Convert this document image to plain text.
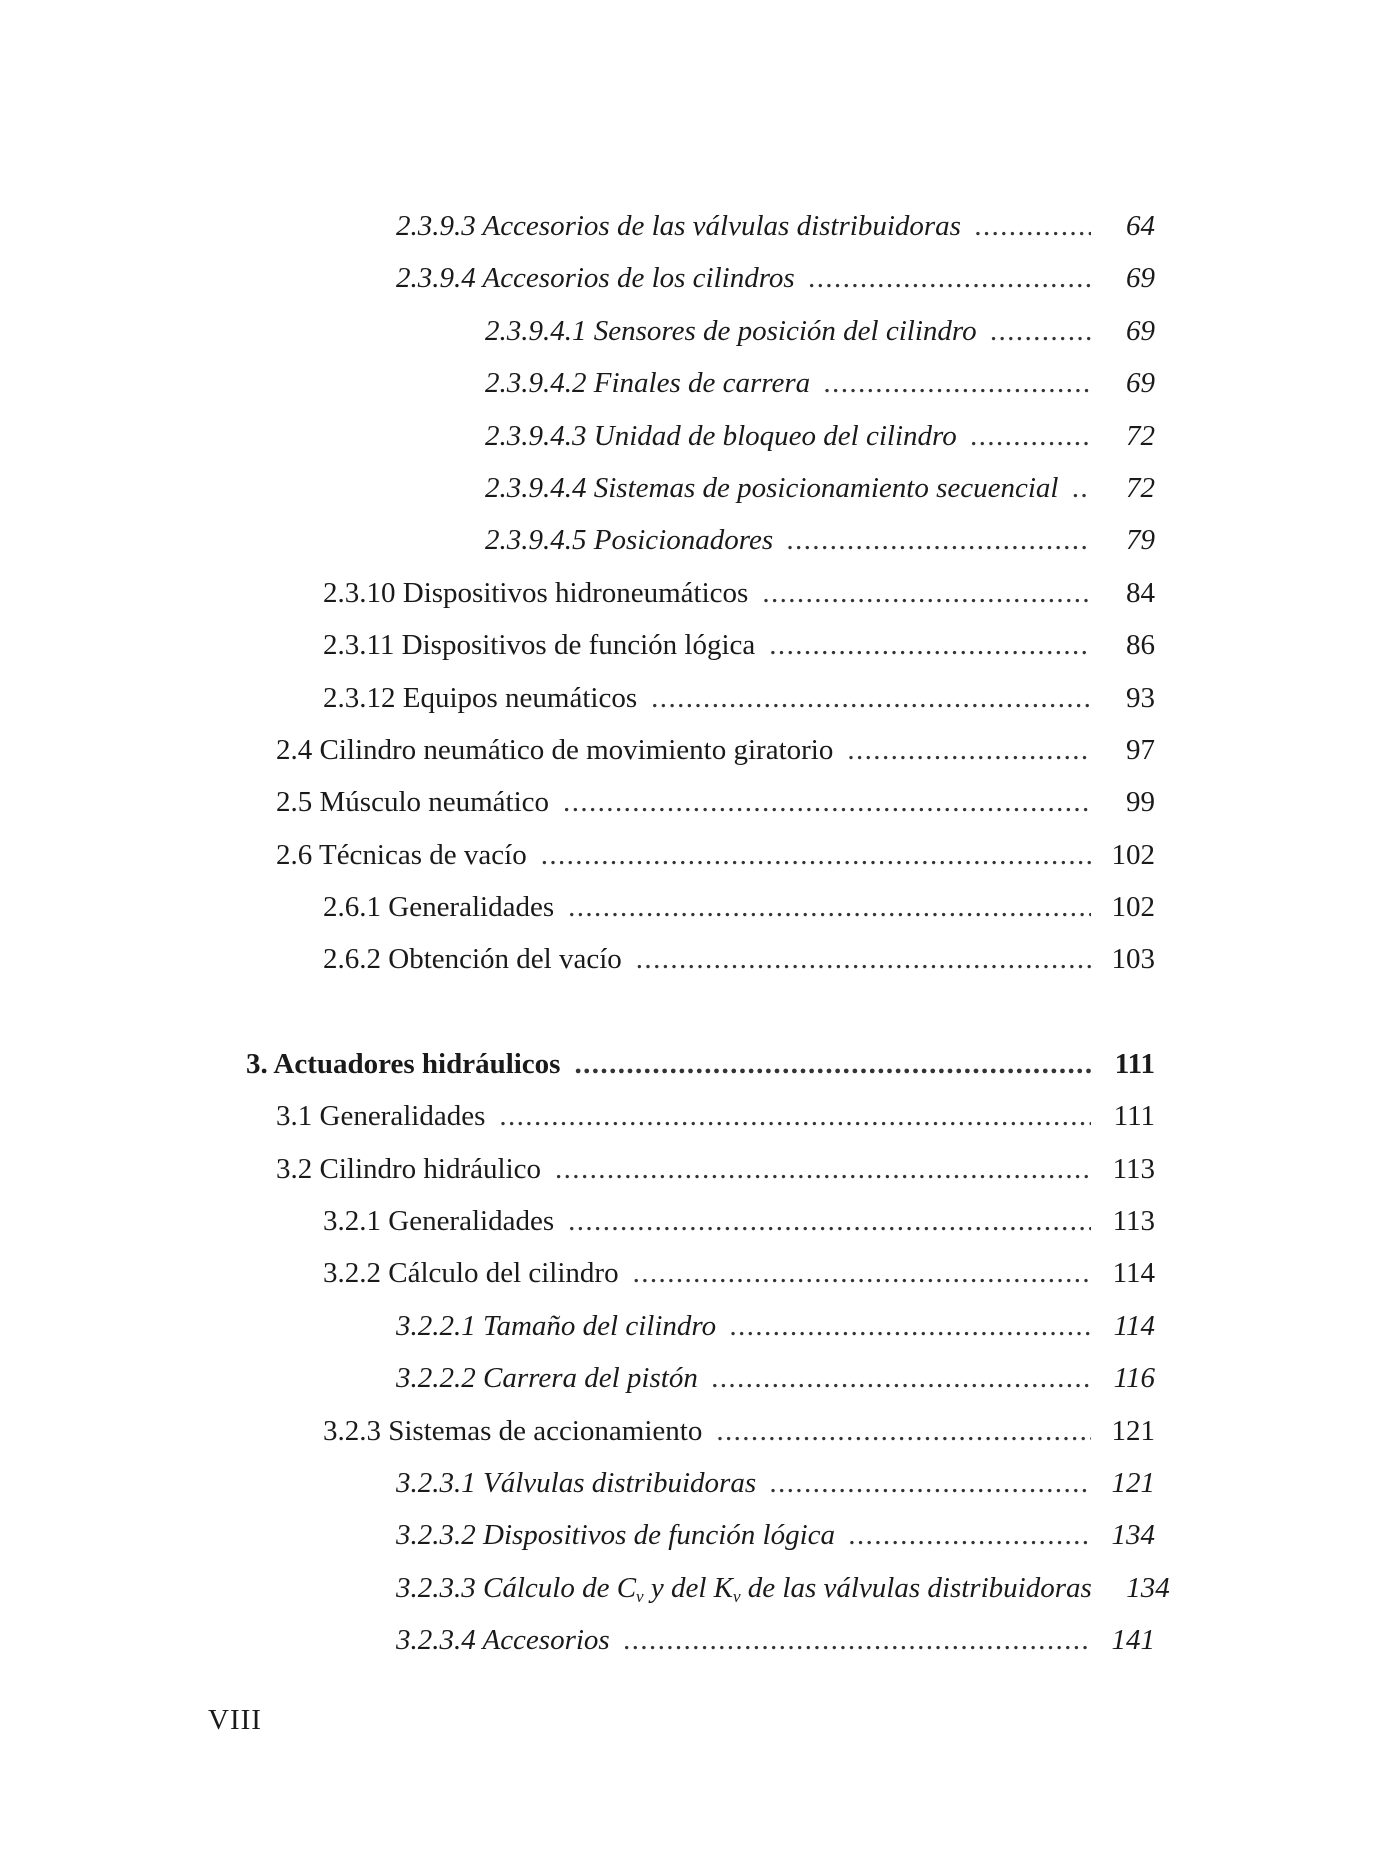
2.3.9.3 Accesorios de las válvulas distribuidoras .....	64
2.3.9.4 Accesorios de los cilindros .....	69
2.3.9.4.1 Sensores de posición del cilindro .....	69
2.3.9.4.2 Finales de carrera .....	69
2.3.9.4.3 Unidad de bloqueo del cilindro .....	72
2.3.9.4.4 Sistemas de posicionamiento secuencial .....	72
2.3.9.4.5 Posicionadores .....	79
2.3.10 Dispositivos hidroneumáticos .....	84
2.3.11 Dispositivos de función lógica .....	86
2.3.12 Equipos neumáticos .....	93
2.4 Cilindro neumático de movimiento giratorio .....	97
2.5 Músculo neumático .....	99
2.6 Técnicas de vacío .....	102
2.6.1 Generalidades .....	102
2.6.2 Obtención del vacío .....	103
3. Actuadores hidráulicos .....	111
3.1 Generalidades .....	111
3.2 Cilindro hidráulico .....	113
3.2.1 Generalidades .....	113
3.2.2 Cálculo del cilindro .....	114
3.2.2.1 Tamaño del cilindro .....	114
3.2.2.2 Carrera del pistón .....	116
3.2.3 Sistemas de accionamiento .....	121
3.2.3.1 Válvulas distribuidoras .....	121
3.2.3.2 Dispositivos de función lógica .....	134
3.2.3.3 Cálculo de $C_v$ y del $K_v$ de las válvulas distribuidoras 134
3.2.3.4 Accesorios .....	141
VIII
